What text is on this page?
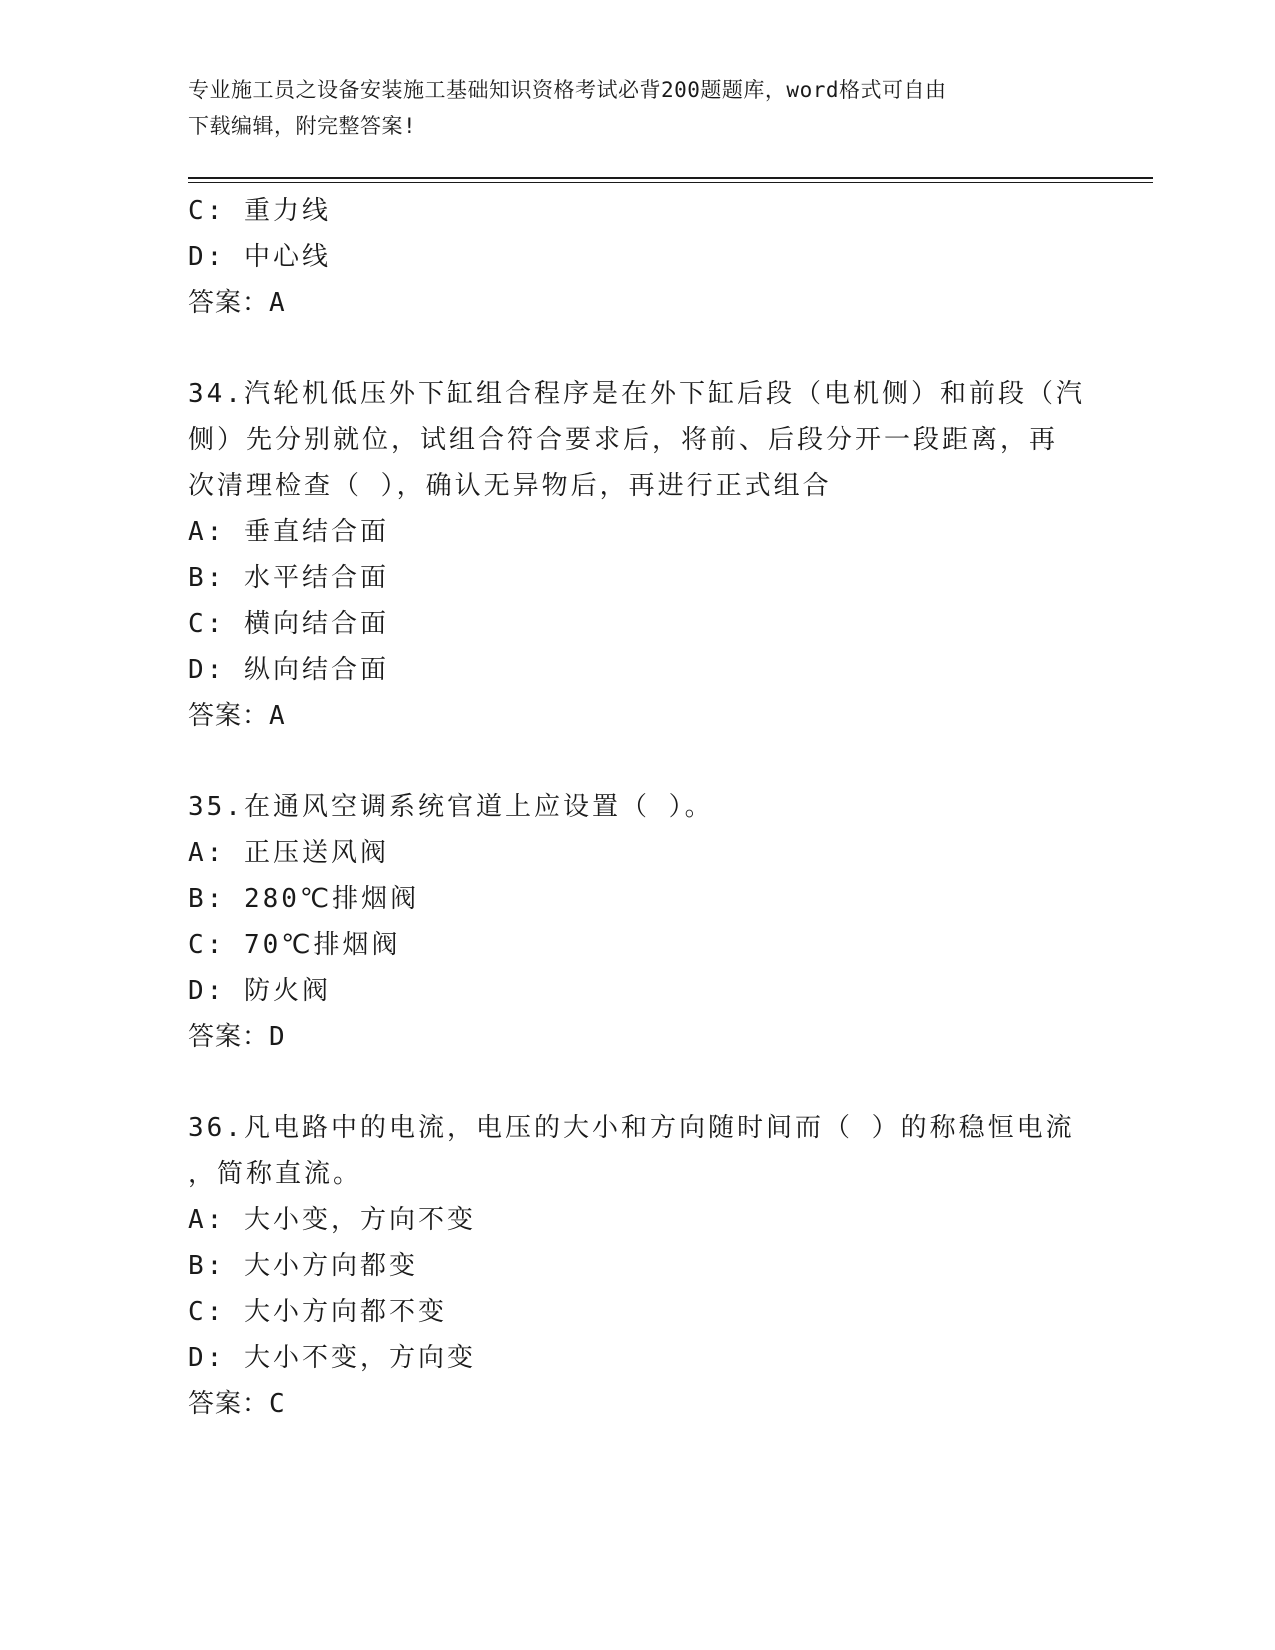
专业施工员之设备安装施工基础知识资格考试必背200题题库，word格式可自由
下载编辑，附完整答案!
C: 重力线
D: 中心线
答案：A
34.汽轮机低压外下缸组合程序是在外下缸后段（电机侧）和前段（汽
侧）先分别就位，试组合符合要求后，将前、后段分开一段距离，再
次清理检查（ ），确认无异物后，再进行正式组合
A: 垂直结合面
B: 水平结合面
C: 横向结合面
D: 纵向结合面
答案：A
35.在通风空调系统官道上应设置（ ）。
A: 正压送风阀
B: 280℃排烟阀
C: 70℃排烟阀
D: 防火阀
答案：D
36.凡电路中的电流，电压的大小和方向随时间而（ ）的称稳恒电流
，简称直流。
A: 大小变，方向不变
B: 大小方向都变
C: 大小方向都不变
D: 大小不变，方向变
答案：C
